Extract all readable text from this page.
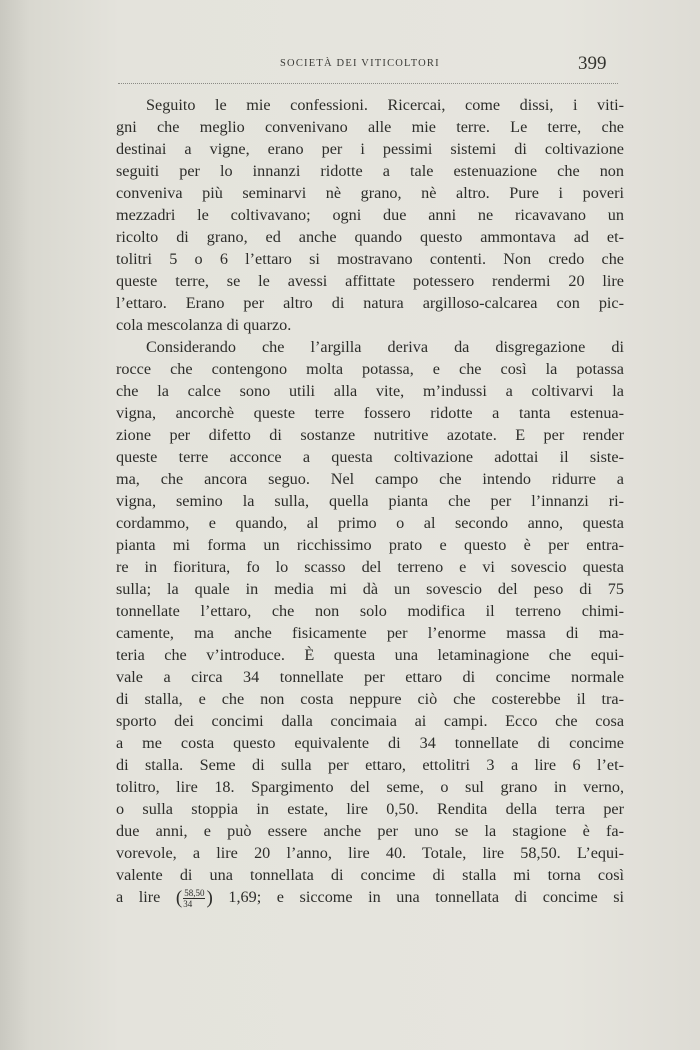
SOCIETÀ DEI VITICOLTORI	399
Seguito le mie confessioni. Ricercai, come dissi, i viti-
gni che meglio convenivano alle mie terre. Le terre, che
destinai a vigne, erano per i pessimi sistemi di coltivazione
seguiti per lo innanzi ridotte a tale estenuazione che non
conveniva più seminarvi nè grano, nè altro. Pure i poveri
mezzadri le coltivavano; ogni due anni ne ricavavano un
ricolto di grano, ed anche quando questo ammontava ad et-
tolitri 5 o 6 l’ettaro si mostravano contenti. Non credo che
queste terre, se le avessi affittate potessero rendermi 20 lire
l’ettaro. Erano per altro di natura argilloso-calcarea con pic-
cola mescolanza di quarzo.
Considerando che l’argilla deriva da disgregazione di
rocce che contengono molta potassa, e che così la potassa
che la calce sono utili alla vite, m’indussi a coltivarvi la
vigna, ancorchè queste terre fossero ridotte a tanta estenua-
zione per difetto di sostanze nutritive azotate. E per render
queste terre acconce a questa coltivazione adottai il siste-
ma, che ancora seguo. Nel campo che intendo ridurre a
vigna, semino la sulla, quella pianta che per l’innanzi ri-
cordammo, e quando, al primo o al secondo anno, questa
pianta mi forma un ricchissimo prato e questo è per entra-
re in fioritura, fo lo scasso del terreno e vi sovescio questa
sulla; la quale in media mi dà un sovescio del peso di 75
tonnellate l’ettaro, che non solo modifica il terreno chimi-
camente, ma anche fisicamente per l’enorme massa di ma-
teria che v’introduce. È questa una letaminagione che equi-
vale a circa 34 tonnellate per ettaro di concime normale
di stalla, e che non costa neppure ciò che costerebbe il tra-
sporto dei concimi dalla concimaia ai campi. Ecco che cosa
a me costa questo equivalente di 34 tonnellate di concime
di stalla. Seme di sulla per ettaro, ettolitri 3 a lire 6 l’et-
tolitro, lire 18. Spargimento del seme, o sul grano in verno,
o sulla stoppia in estate, lire 0,50. Rendita della terra per
due anni, e può essere anche per uno se la stagione è fa-
vorevole, a lire 20 l’anno, lire 40. Totale, lire 58,50. L’equi-
valente di una tonnellata di concime di stalla mi torna così
a lire ( $\frac{58,50}{34}$ ) 1,69; e siccome in una tonnellata di concime si
